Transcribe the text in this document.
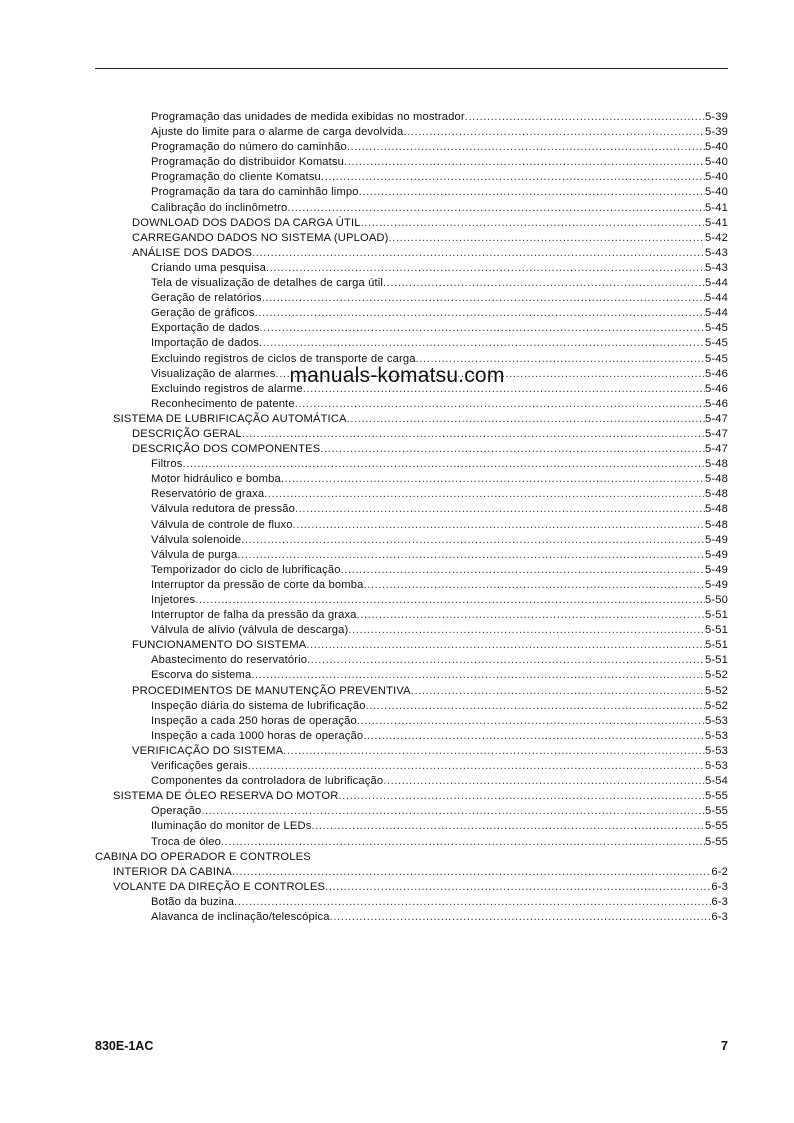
Programação das unidades de medida exibidas no mostrador .....	5-39
Ajuste do limite para o alarme de carga devolvida .....	5-39
Programação do número do caminhão .....	5-40
Programação do distribuidor Komatsu .....	5-40
Programação do cliente Komatsu .....	5-40
Programação da tara do caminhão limpo .....	5-40
Calibração do inclinômetro .....	5-41
DOWNLOAD DOS DADOS DA CARGA ÚTIL .....	5-41
CARREGANDO DADOS NO SISTEMA (UPLOAD) .....	5-42
ANÁLISE DOS DADOS .....	5-43
Criando uma pesquisa .....	5-43
Tela de visualização de detalhes de carga útil .....	5-44
Geração de relatórios .....	5-44
Geração de gráficos .....	5-44
Exportação de dados .....	5-45
Importação de dados .....	5-45
Excluindo registros de ciclos de transporte de carga .....	5-45
Visualização de alarmes .....	5-46
Excluindo registros de alarme .....	5-46
Reconhecimento de patente .....	5-46
SISTEMA DE LUBRIFICAÇÃO AUTOMÁTICA .....	5-47
DESCRIÇÃO GERAL .....	5-47
DESCRIÇÃO DOS COMPONENTES .....	5-47
Filtros .....	5-48
Motor hidráulico e bomba .....	5-48
Reservatório de graxa .....	5-48
Válvula redutora de pressão .....	5-48
Válvula de controle de fluxo .....	5-48
Válvula solenoide .....	5-49
Válvula de purga .....	5-49
Temporizador do ciclo de lubrificação .....	5-49
Interruptor da pressão de corte da bomba .....	5-49
Injetores .....	5-50
Interruptor de falha da pressão da graxa .....	5-51
Válvula de alívio (válvula de descarga) .....	5-51
FUNCIONAMENTO DO SISTEMA .....	5-51
Abastecimento do reservatório .....	5-51
Escorva do sistema .....	5-52
PROCEDIMENTOS DE MANUTENÇÃO PREVENTIVA .....	5-52
Inspeção diária do sistema de lubrificação .....	5-52
Inspeção a cada 250 horas de operação .....	5-53
Inspeção a cada 1000 horas de operação .....	5-53
VERIFICAÇÃO DO SISTEMA .....	5-53
Verificações gerais .....	5-53
Componentes da controladora de lubrificação .....	5-54
SISTEMA DE ÓLEO RESERVA DO MOTOR .....	5-55
Operação .....	5-55
Iluminação do monitor de LEDs .....	5-55
Troca de óleo .....	5-55
CABINA DO OPERADOR E CONTROLES
INTERIOR DA CABINA .....	6-2
VOLANTE DA DIREÇÃO E CONTROLES .....	6-3
Botão da buzina .....	6-3
Alavanca de inclinação/telescópica .....	6-3
manuals-komatsu.com
830E-1AC	7
